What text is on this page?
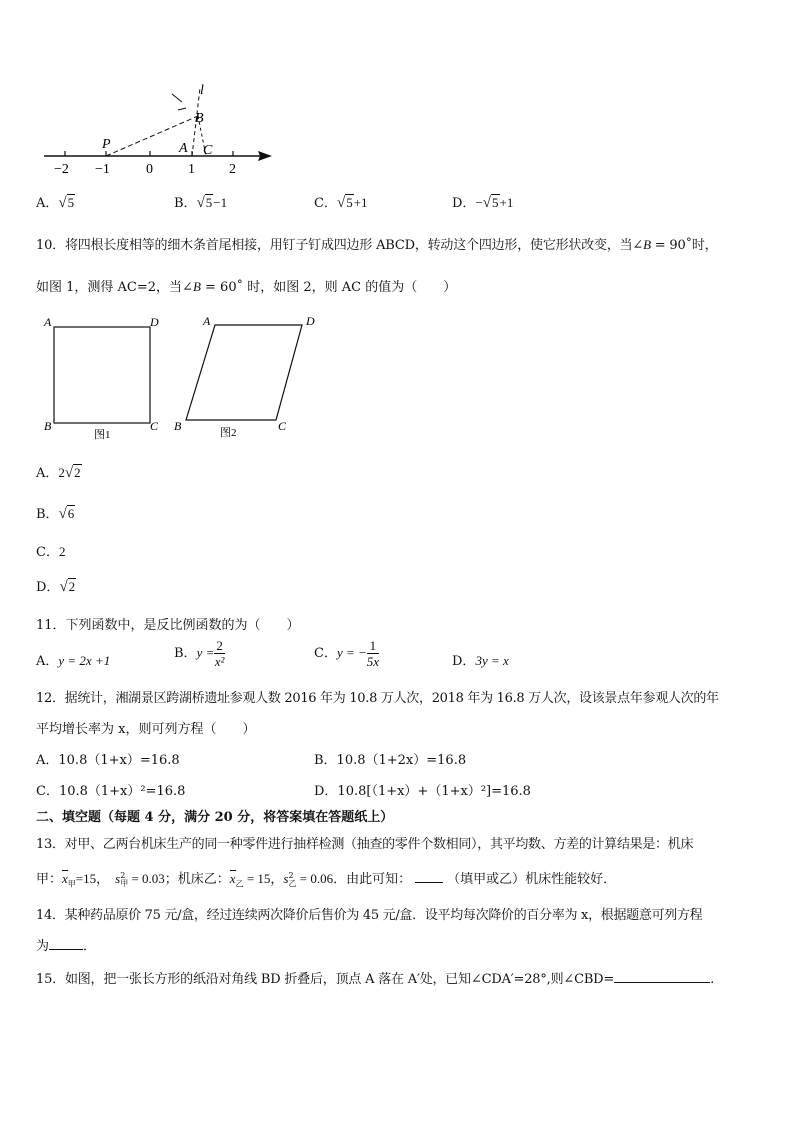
l
B
P	A C
−2 −1	0	1 2
A．√5	B．√5−1	C．√5+1	D．−√5+1
10．将四根长度相等的细木条首尾相接，用钉子钉成四边形 ABCD，转动这个四边形，使它形状改变，当∠B = 90˚时，
如图 1，测得 AC=2，当∠B = 60˚ 时，如图 2，则 AC 的值为（　　）
A	D
B	C
图1
A	D
B	C
图2
A．2√2
B．√6
C．2
D．√2
11．下列函数中，是反比例函数的为（　　）
A．y = 2x +1	B．$y = \frac{2}{\text{x²}}$	C．y = − $\frac{1}{5x}$	D．3y = x
12．据统计，湘湖景区跨湖桥遗址参观人数 2016 年为 10.8 万人次，2018 年为 16.8 万人次，设该景点年参观人次的年
平均增长率为 x，则可列方程（　　）
A．10.8（1+x）=16.8	B．10.8（1+2x）=16.8
C．10.8（1+x）²=16.8	D．10.8[（1+x）+（1+x）²]=16.8
二、填空题（每题 4 分，满分 20 分，将答案填在答题纸上）
13．对甲、乙两台机床生产的同一种零件进行抽样检测（抽查的零件个数相同），其平均数、方差的计算结果是：机床
甲：$x_甲=15$， s 2
甲 = 0.03；机床乙：$x_乙 = 15$，s 2
乙 = 0.06．由此可知：	（填甲或乙）机床性能较好．
14．某种药品原价 75 元/盒，经过连续两次降价后售价为 45 元/盒．设平均每次降价的百分率为 x，根据题意可列方程
为	．
15．如图，把一张长方形的纸沿对角线 BD 折叠后，顶点 A 落在 A′处，已知∠CDA′=28°,则∠CBD=	.
